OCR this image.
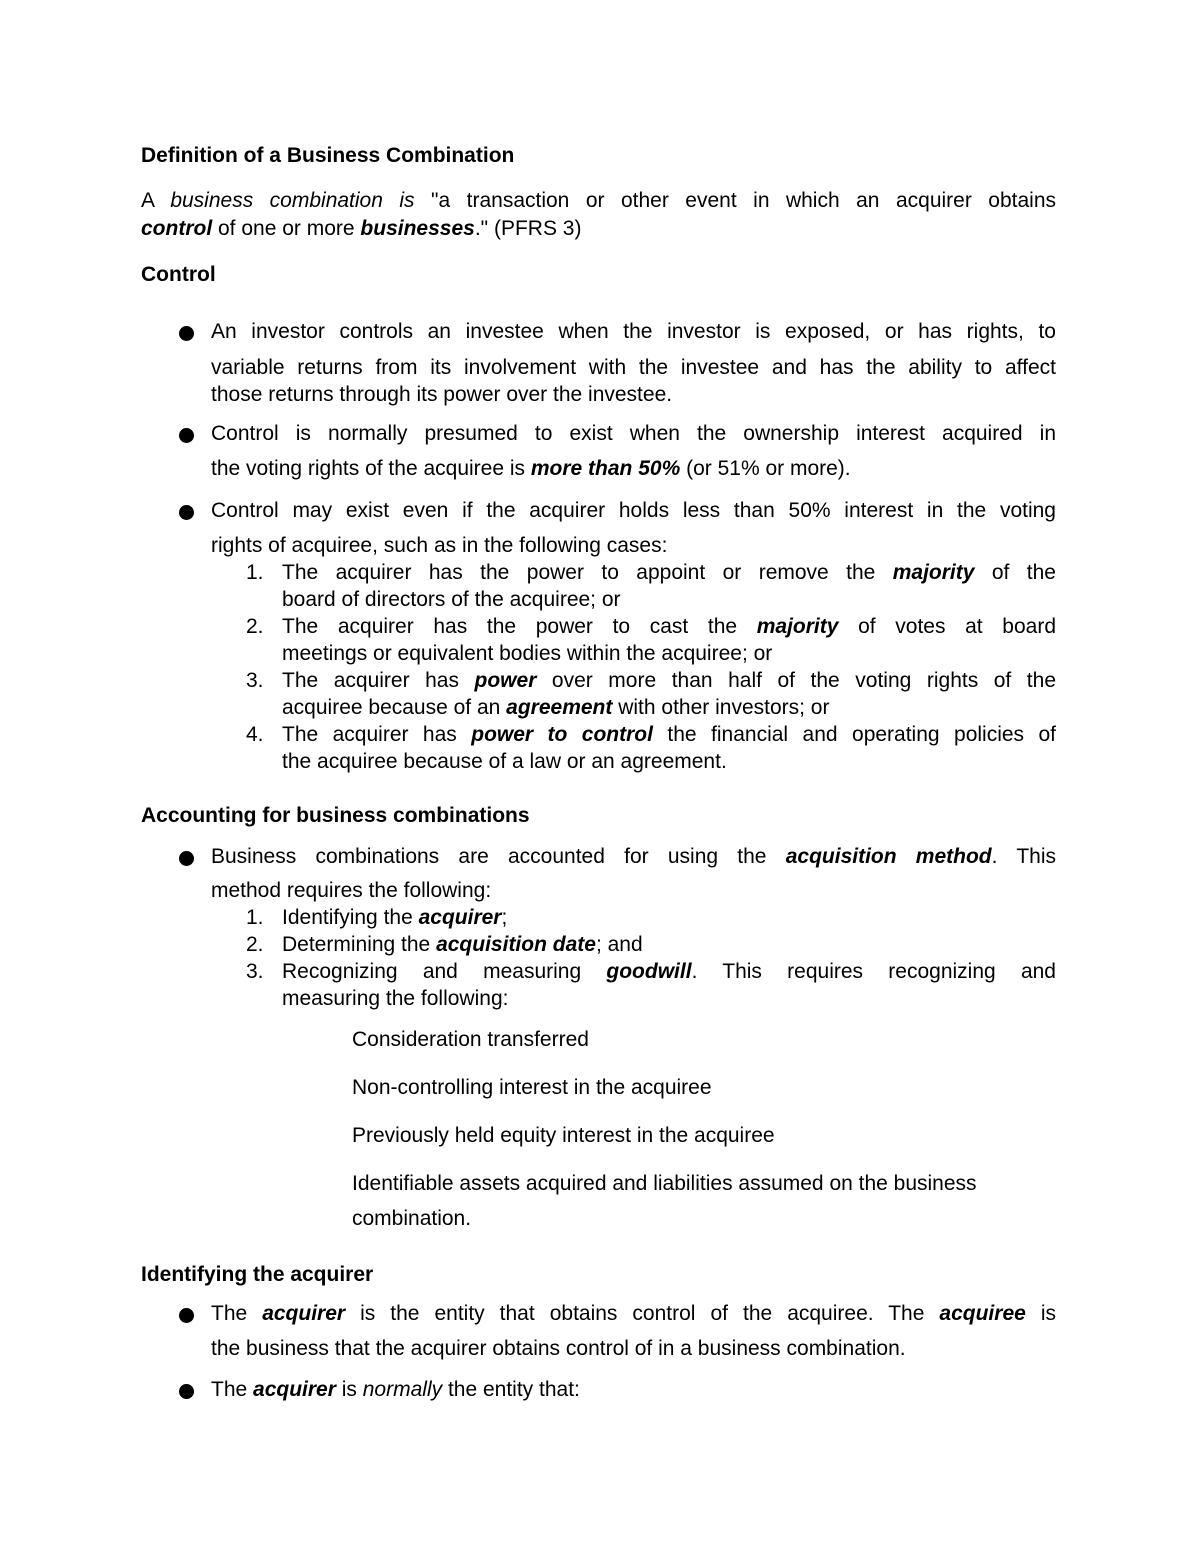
Definition of a Business Combination
A business combination is "a transaction or other event in which an acquirer obtains
control of one or more businesses." (PFRS 3)
Control
An investor controls an investee when the investor is exposed, or has rights, to
variable returns from its involvement with the investee and has the ability to affect
those returns through its power over the investee.
Control is normally presumed to exist when the ownership interest acquired in
the voting rights of the acquiree is more than 50% (or 51% or more).
Control may exist even if the acquirer holds less than 50% interest in the voting
rights of acquiree, such as in the following cases:
1. The acquirer has the power to appoint or remove the majority of the
board of directors of the acquiree; or
2. The acquirer has the power to cast the majority of votes at board
meetings or equivalent bodies within the acquiree; or
3. The acquirer has power over more than half of the voting rights of the
acquiree because of an agreement with other investors; or
4. The acquirer has power to control the financial and operating policies of
the acquiree because of a law or an agreement.
Accounting for business combinations
Business combinations are accounted for using the acquisition method. This
method requires the following:
1. Identifying the acquirer;
2. Determining the acquisition date; and
3. Recognizing and measuring goodwill. This requires recognizing and
measuring the following:
Consideration transferred
Non-controlling interest in the acquiree
Previously held equity interest in the acquiree
Identifiable assets acquired and liabilities assumed on the business
combination.
Identifying the acquirer
The acquirer is the entity that obtains control of the acquiree. The acquiree is
the business that the acquirer obtains control of in a business combination.
The acquirer is normally the entity that:
